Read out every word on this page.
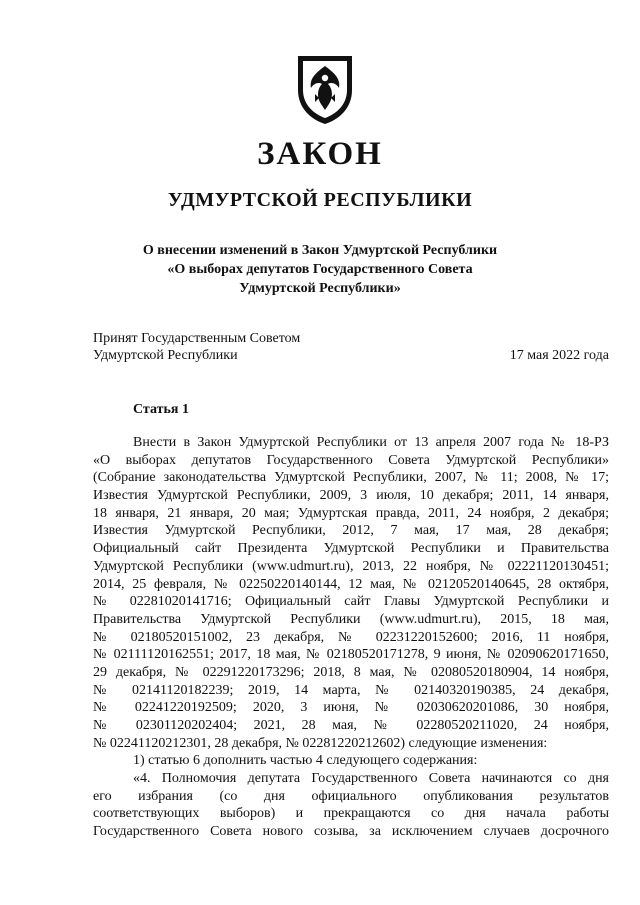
ЗАКОН
УДМУРТСКОЙ РЕСПУБЛИКИ
О внесении изменений в Закон Удмуртской Республики
«О выборах депутатов Государственного Совета
Удмуртской Республики»
Принят Государственным Советом
Удмуртской Республики	17 мая 2022 года
Статья 1
Внести в Закон Удмуртской Республики от 13 апреля 2007 года № 18-РЗ
«О выборах депутатов Государственного Совета Удмуртской Республики»
(Собрание законодательства Удмуртской Республики, 2007, № 11; 2008, № 17;
Известия Удмуртской Республики, 2009, 3 июля, 10 декабря; 2011, 14 января,
18 января, 21 января, 20 мая; Удмуртская правда, 2011, 24 ноября, 2 декабря;
Известия Удмуртской Республики, 2012, 7 мая, 17 мая, 28 декабря;
Официальный сайт Президента Удмуртской Республики и Правительства
Удмуртской Республики (www.udmurt.ru), 2013, 22 ноября, № 02221120130451;
2014, 25 февраля, № 02250220140144, 12 мая, № 02120520140645, 28 октября,
№ 02281020141716; Официальный сайт Главы Удмуртской Республики и
Правительства Удмуртской Республики (www.udmurt.ru), 2015, 18 мая,
№ 02180520151002, 23 декабря, № 02231220152600; 2016, 11 ноября,
№ 02111120162551; 2017, 18 мая, № 02180520171278, 9 июня, № 02090620171650,
29 декабря, № 02291220173296; 2018, 8 мая, № 02080520180904, 14 ноября,
№ 02141120182239; 2019, 14 марта, № 02140320190385, 24 декабря,
№ 02241220192509; 2020, 3 июня, № 02030620201086, 30 ноября,
№ 02301120202404; 2021, 28 мая, № 02280520211020, 24 ноября,
№ 02241120212301, 28 декабря, № 02281220212602) следующие изменения:
1) статью 6 дополнить частью 4 следующего содержания:
«4. Полномочия депутата Государственного Совета начинаются со дня
его избрания (со дня официального опубликования результатов
соответствующих выборов) и прекращаются со дня начала работы
Государственного Совета нового созыва, за исключением случаев досрочного
